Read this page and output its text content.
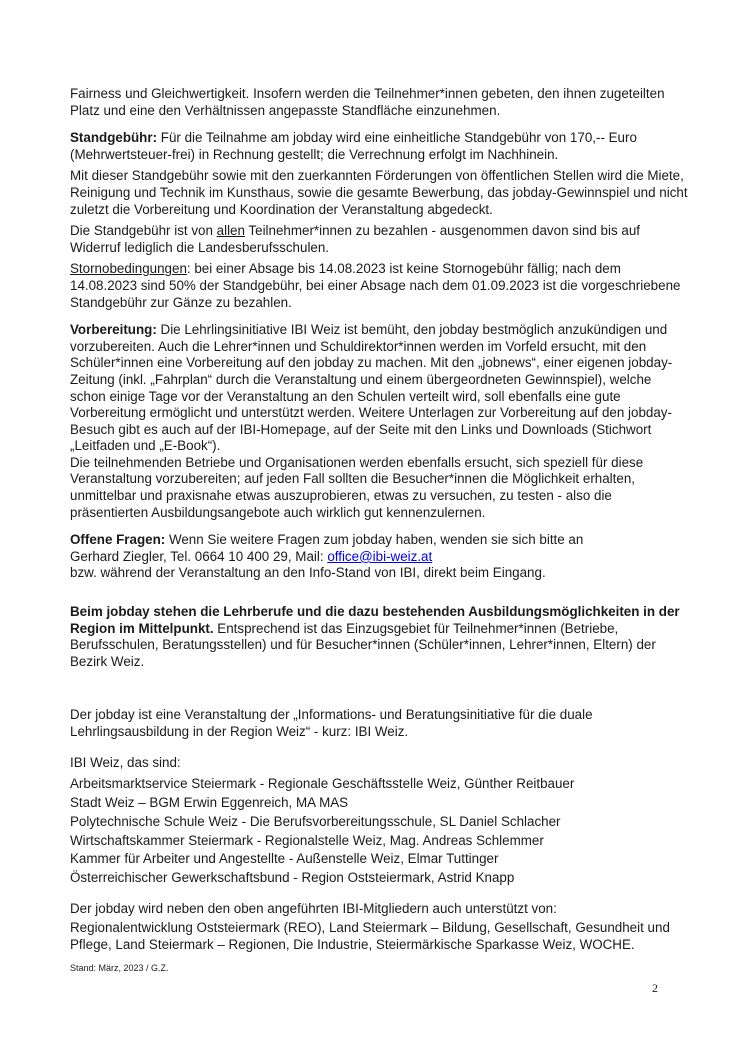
Fairness und Gleichwertigkeit. Insofern werden die Teilnehmer*innen gebeten, den ihnen zugeteilten Platz und eine den Verhältnissen angepasste Standfläche einzunehmen.

Standgebühr: Für die Teilnahme am jobday wird eine einheitliche Standgebühr von 170,-- Euro (Mehrwertsteuer-frei) in Rechnung gestellt; die Verrechnung erfolgt im Nachhinein.

Mit dieser Standgebühr sowie mit den zuerkannten Förderungen von öffentlichen Stellen wird die Miete, Reinigung und Technik im Kunsthaus, sowie die gesamte Bewerbung, das jobday-Gewinnspiel und nicht zuletzt die Vorbereitung und Koordination der Veranstaltung abgedeckt.

Die Standgebühr ist von allen Teilnehmer*innen zu bezahlen - ausgenommen davon sind bis auf Widerruf lediglich die Landesberufsschulen.

Stornobedingungen: bei einer Absage bis 14.08.2023 ist keine Stornogebühr fällig; nach dem 14.08.2023 sind 50% der Standgebühr, bei einer Absage nach dem 01.09.2023 ist die vorgeschriebene Standgebühr zur Gänze zu bezahlen.

Vorbereitung: Die Lehrlingsinitiative IBI Weiz ist bemüht, den jobday bestmöglich anzukündigen und vorzubereiten. Auch die Lehrer*innen und Schuldirektor*innen werden im Vorfeld ersucht, mit den Schüler*innen eine Vorbereitung auf den jobday zu machen. Mit den „jobnews“, einer eigenen jobday-Zeitung (inkl. „Fahrplan“ durch die Veranstaltung und einem übergeordneten Gewinnspiel), welche schon einige Tage vor der Veranstaltung an den Schulen verteilt wird, soll ebenfalls eine gute Vorbereitung ermöglicht und unterstützt werden. Weitere Unterlagen zur Vorbereitung auf den jobday-Besuch gibt es auch auf der IBI-Homepage, auf der Seite mit den Links und Downloads (Stichwort „Leitfaden und „E-Book“).

Die teilnehmenden Betriebe und Organisationen werden ebenfalls ersucht, sich speziell für diese Veranstaltung vorzubereiten; auf jeden Fall sollten die Besucher*innen die Möglichkeit erhalten, unmittelbar und praxisnahe etwas auszuprobieren, etwas zu versuchen, zu testen - also die präsentierten Ausbildungsangebote auch wirklich gut kennenzulernen.

Offene Fragen: Wenn Sie weitere Fragen zum jobday haben, wenden sie sich bitte an
Gerhard Ziegler, Tel. 0664 10 400 29, Mail: office@ibi-weiz.at
bzw. während der Veranstaltung an den Info-Stand von IBI, direkt beim Eingang.

Beim jobday stehen die Lehrberufe und die dazu bestehenden Ausbildungsmöglichkeiten in der Region im Mittelpunkt. Entsprechend ist das Einzugsgebiet für Teilnehmer*innen (Betriebe, Berufsschulen, Beratungsstellen) und für Besucher*innen (Schüler*innen, Lehrer*innen, Eltern) der Bezirk Weiz.

Der jobday ist eine Veranstaltung der „Informations- und Beratungsinitiative für die duale Lehrlingsausbildung in der Region Weiz“ - kurz: IBI Weiz.

IBI Weiz, das sind:

Arbeitsmarktservice Steiermark - Regionale Geschäftsstelle Weiz, Günther Reitbauer
Stadt Weiz – BGM Erwin Eggenreich, MA MAS
Polytechnische Schule Weiz - Die Berufsvorbereitungsschule, SL Daniel Schlacher
Wirtschaftskammer Steiermark - Regionalstelle Weiz, Mag. Andreas Schlemmer
Kammer für Arbeiter und Angestellte - Außenstelle Weiz, Elmar Tuttinger
Österreichischer Gewerkschaftsbund - Region Oststeiermark, Astrid Knapp

Der jobday wird neben den oben angeführten IBI-Mitgliedern auch unterstützt von:

Regionalentwicklung Oststeiermark (REO), Land Steiermark – Bildung, Gesellschaft, Gesundheit und Pflege, Land Steiermark – Regionen, Die Industrie, Steiermärkische Sparkasse Weiz, WOCHE.

Stand: März, 2023 / G.Z.
2
